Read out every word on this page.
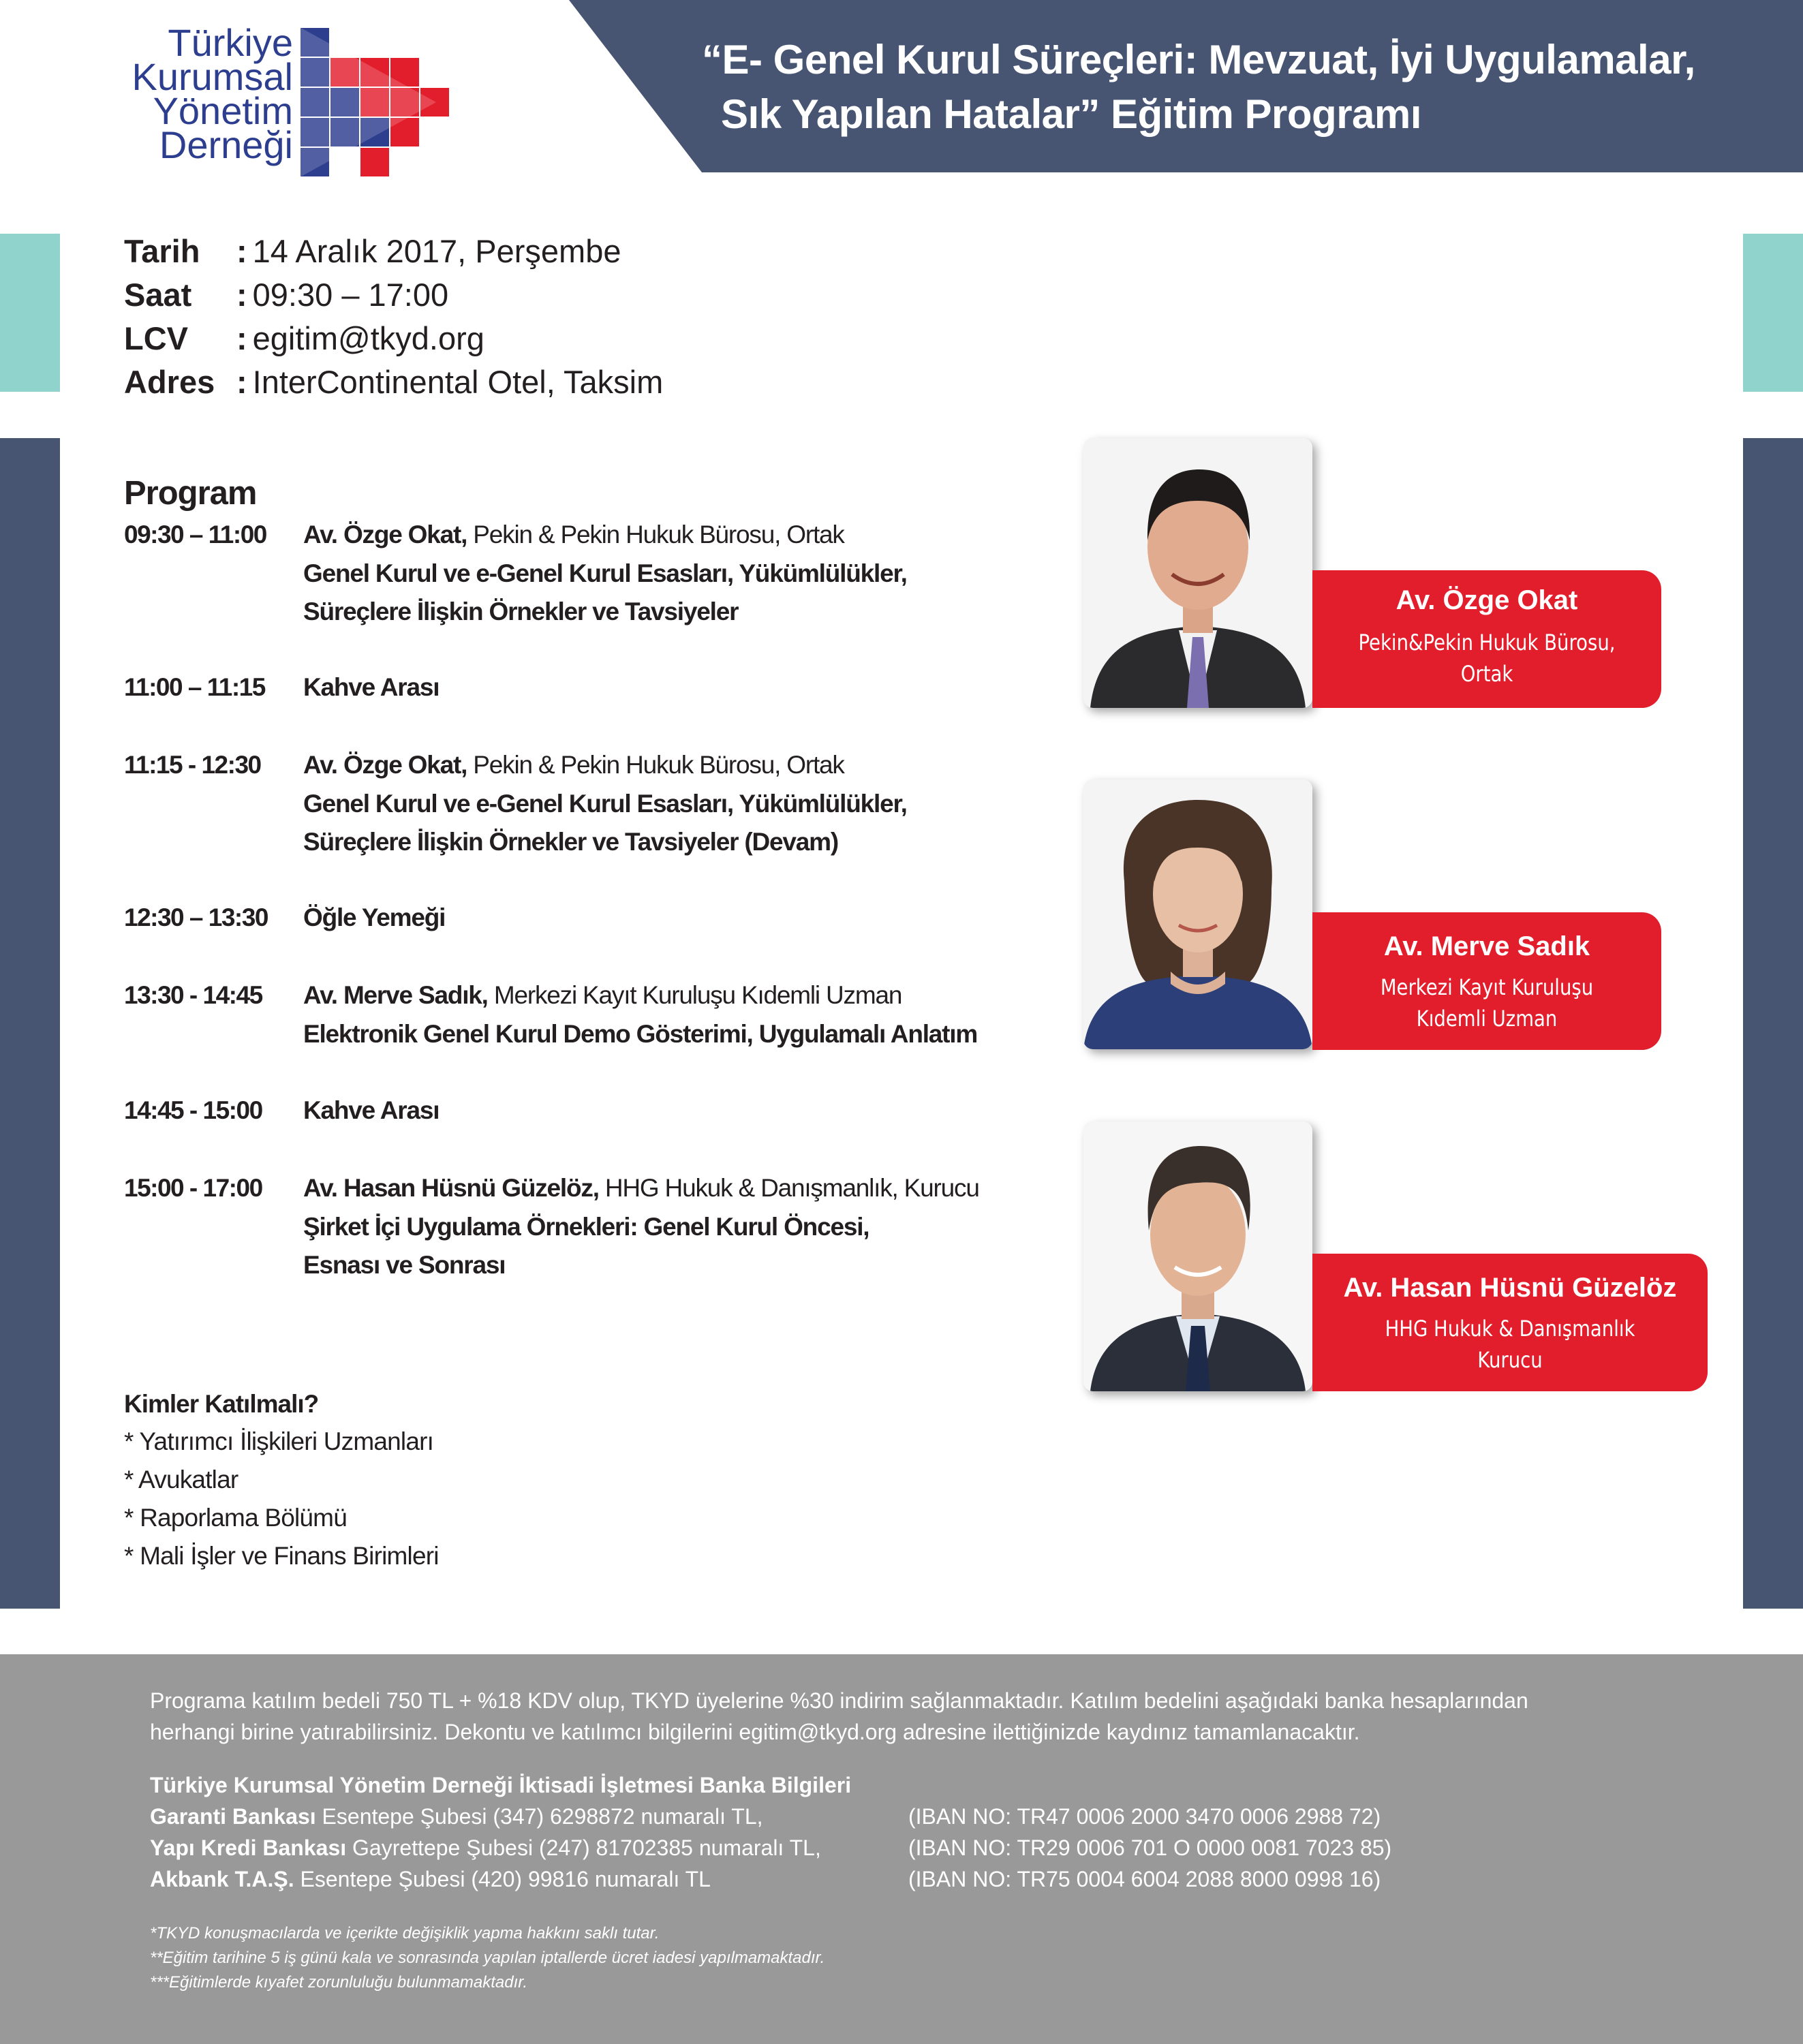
Türkiye
Kurumsal
Yönetim
Derneği
“E- Genel Kurul Süreçleri: Mevzuat, İyi Uygulamalar,
Sık Yapılan Hatalar” Eğitim Programı
Tarih : 14 Aralık 2017, Perşembe
Saat : 09:30 – 17:00
LCV : egitim@tkyd.org
Adres : InterContinental Otel, Taksim
Program
09:30 – 11:00 Av. Özge Okat, Pekin & Pekin Hukuk Bürosu, Ortak
Genel Kurul ve e-Genel Kurul Esasları, Yükümlülükler,
Süreçlere İlişkin Örnekler ve Tavsiyeler
11:00 – 11:15 Kahve Arası
11:15 - 12:30 Av. Özge Okat, Pekin & Pekin Hukuk Bürosu, Ortak
Genel Kurul ve e-Genel Kurul Esasları, Yükümlülükler,
Süreçlere İlişkin Örnekler ve Tavsiyeler (Devam)
12:30 – 13:30 Öğle Yemeği
13:30 - 14:45 Av. Merve Sadık, Merkezi Kayıt Kuruluşu Kıdemli Uzman
Elektronik Genel Kurul Demo Gösterimi, Uygulamalı Anlatım
14:45 - 15:00 Kahve Arası
15:00 - 17:00 Av. Hasan Hüsnü Güzelöz, HHG Hukuk & Danışmanlık, Kurucu
Şirket İçi Uygulama Örnekleri: Genel Kurul Öncesi,
Esnası ve Sonrası
Kimler Katılmalı?
* Yatırımcı İlişkileri Uzmanları
* Avukatlar
* Raporlama Bölümü
* Mali İşler ve Finans Birimleri
Av. Özge Okat
Pekin&Pekin Hukuk Bürosu,
Ortak
Av. Merve Sadık
Merkezi Kayıt Kuruluşu
Kıdemli Uzman
Av. Hasan Hüsnü Güzelöz
HHG Hukuk & Danışmanlık
Kurucu
Programa katılım bedeli 750 TL + %18 KDV olup, TKYD üyelerine %30 indirim sağlanmaktadır. Katılım bedelini aşağıdaki banka hesaplarından
herhangi birine yatırabilirsiniz. Dekontu ve katılımcı bilgilerini egitim@tkyd.org adresine ilettiğinizde kaydınız tamamlanacaktır.
Türkiye Kurumsal Yönetim Derneği İktisadi İşletmesi Banka Bilgileri
Garanti Bankası Esentepe Şubesi (347) 6298872 numaralı TL,	(IBAN NO: TR47 0006 2000 3470 0006 2988 72)
Yapı Kredi Bankası Gayrettepe Şubesi (247) 81702385 numaralı TL,	(IBAN NO: TR29 0006 701 O 0000 0081 7023 85)
Akbank T.A.Ş. Esentepe Şubesi (420) 99816 numaralı TL	(IBAN NO: TR75 0004 6004 2088 8000 0998 16)
*TKYD konuşmacılarda ve içerikte değişiklik yapma hakkını saklı tutar.
**Eğitim tarihine 5 iş günü kala ve sonrasında yapılan iptallerde ücret iadesi yapılmamaktadır.
***Eğitimlerde kıyafet zorunluluğu bulunmamaktadır.
